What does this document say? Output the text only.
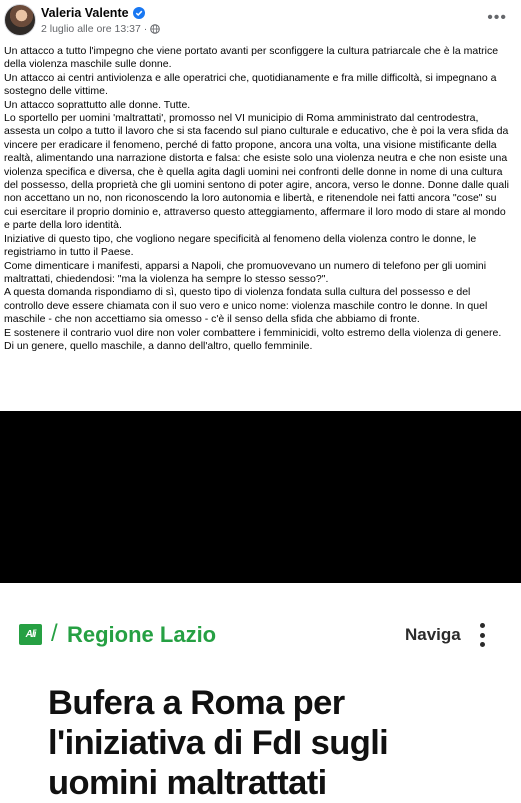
Valeria Valente
2 luglio alle ore 13:37 ·
•••

Un attacco a tutto l'impegno che viene portato avanti per sconfiggere la cultura patriarcale che è la matrice della violenza maschile sulle donne.

Un attacco ai centri antiviolenza e alle operatrici che, quotidianamente e fra mille difficoltà, si impegnano a sostegno delle vittime.

Un attacco soprattutto alle donne. Tutte.

Lo sportello per uomini 'maltrattati', promosso nel VI municipio di Roma amministrato dal centrodestra, assesta un colpo a tutto il lavoro che si sta facendo sul piano culturale e educativo, che è poi la vera sfida da vincere per eradicare il fenomeno, perché di fatto propone, ancora una volta, una visione mistificante della realtà, alimentando una narrazione distorta e falsa: che esiste solo una violenza neutra e che non esiste una violenza specifica e diversa, che è quella agita dagli uomini nei confronti delle donne in nome di una cultura del possesso, della proprietà che gli uomini sentono di poter agire, ancora, verso le donne. Donne dalle quali non accettano un no, non riconoscendo la loro autonomia e libertà, e ritenendole nei fatti ancora "cose" su cui esercitare il proprio dominio e, attraverso questo atteggiamento, affermare il loro modo di stare al mondo e parte della loro identità.

Iniziative di questo tipo, che vogliono negare specificità al fenomeno della violenza contro le donne, le registriamo in tutto il Paese.

Come dimenticare i manifesti, apparsi a Napoli, che promuovevano un numero di telefono per gli uomini maltrattati, chiedendosi: "ma la violenza ha sempre lo stesso sesso?".

A questa domanda rispondiamo di sì, questo tipo di violenza fondata sulla cultura del possesso e del controllo deve essere chiamata con il suo vero e unico nome: violenza maschile contro le donne. In quel maschile - che non accettiamo sia omesso - c'è il senso della sfida che abbiamo di fronte.

E sostenere il contrario vuol dire non voler combattere i femminicidi, volto estremo della violenza di genere.

Di un genere, quello maschile, a danno dell'altro, quello femminile.

Ali / Regione Lazio	Naviga
Bufera a Roma per l'iniziativa di FdI sugli uomini maltrattati
